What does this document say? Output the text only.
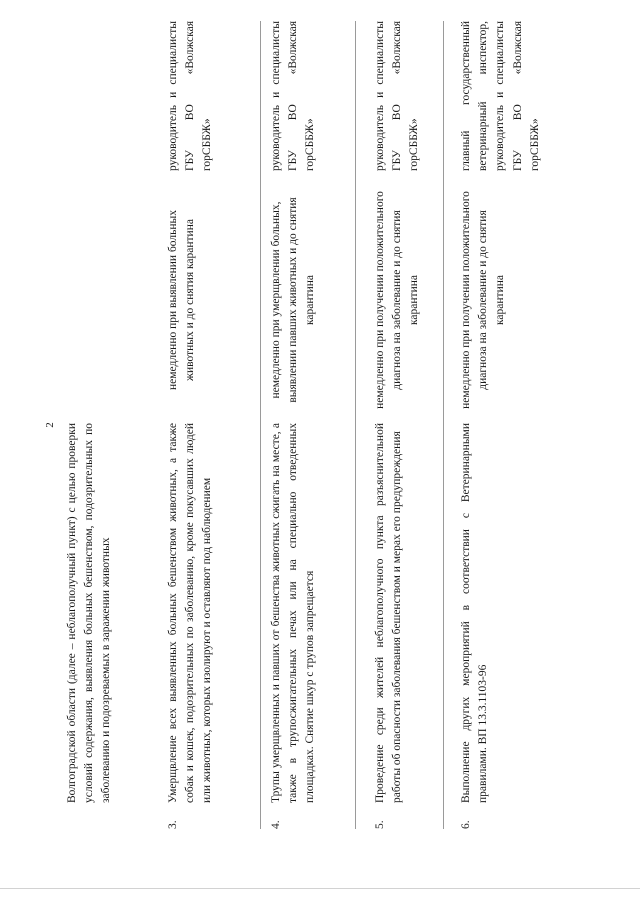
2 Волгоградской области (далее – неблагополучный пункт) с целью проверки условий содержания, выявления больных бешенством, подозрительных по заболеванию и подозреваемых в заражении животных
3.
Умерщвление всех выявленных больных бешенством животных, а также собак и кошек, подозрительных по заболеванию, кроме покусавших людей или животных, которых изолируют и оставляют под наблюдением
немедленно при выявлении больных животных и до снятия карантина
руководитель и специалисты ГБУ ВО «Волжская горСББЖ»
4.
Трупы умерщвленных и павших от бешенства животных сжигать на месте, а также в трупосжигательных печах или на специально отведенных площадках. Снятие шкур с трупов запрещается
немедленно при умерщвлении больных, выявлении павших животных и до снятия карантина
руководитель и специалисты ГБУ ВО «Волжская горСББЖ»
5.
Проведение среди жителей неблагополучного пункта разъяснительной работы об опасности заболевания бешенством и мерах его предупреждения
немедленно при получении положительного диагноза на заболевание и до снятия карантина
руководитель и специалисты ГБУ ВО «Волжская горСББЖ»
6.
Выполнение других мероприятий в соответствии с Ветеринарными правилами. ВП 13.3.1103-96
немедленно при получении положительного диагноза на заболевание и до снятия карантина
главный государственный ветеринарный инспектор, руководитель и специалисты ГБУ ВО «Волжская горСББЖ»
